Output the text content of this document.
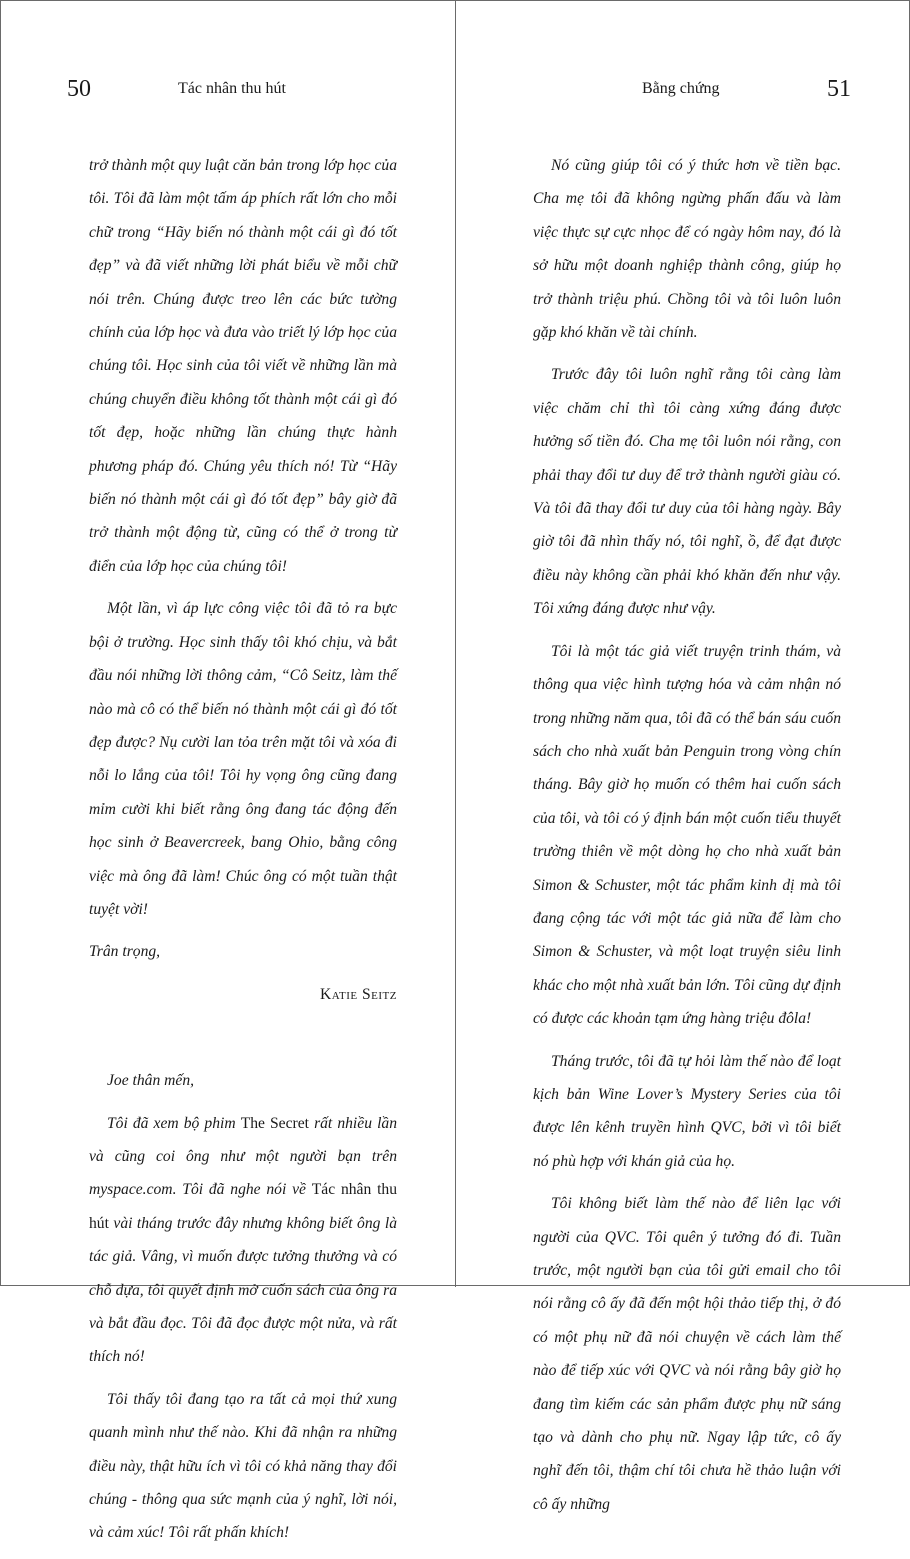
50	Tác nhân thu hút

trở thành một quy luật căn bản trong lớp học của tôi. Tôi đã làm một tấm áp phích rất lớn cho mỗi chữ trong “Hãy biến nó thành một cái gì đó tốt đẹp” và đã viết những lời phát biểu về mỗi chữ nói trên. Chúng được treo lên các bức tường chính của lớp học và đưa vào triết lý lớp học của chúng tôi. Học sinh của tôi viết về những lần mà chúng chuyển điều không tốt thành một cái gì đó tốt đẹp, hoặc những lần chúng thực hành phương pháp đó. Chúng yêu thích nó! Từ “Hãy biến nó thành một cái gì đó tốt đẹp” bây giờ đã trở thành một động từ, cũng có thể ở trong từ điển của lớp học của chúng tôi!

Một lần, vì áp lực công việc tôi đã tỏ ra bực bội ở trường. Học sinh thấy tôi khó chịu, và bắt đầu nói những lời thông cảm, “Cô Seitz, làm thế nào mà cô có thể biến nó thành một cái gì đó tốt đẹp được? Nụ cười lan tỏa trên mặt tôi và xóa đi nỗi lo lắng của tôi! Tôi hy vọng ông cũng đang mỉm cười khi biết rằng ông đang tác động đến học sinh ở Beavercreek, bang Ohio, bằng công việc mà ông đã làm! Chúc ông có một tuần thật tuyệt vời!

Trân trọng,

Katie Seitz

Joe thân mến,

Tôi đã xem bộ phim The Secret rất nhiều lần và cũng coi ông như một người bạn trên myspace.com. Tôi đã nghe nói về Tác nhân thu hút vài tháng trước đây nhưng không biết ông là tác giả. Vâng, vì muốn được tưởng thưởng và có chỗ dựa, tôi quyết định mở cuốn sách của ông ra và bắt đầu đọc. Tôi đã đọc được một nửa, và rất thích nó!

Tôi thấy tôi đang tạo ra tất cả mọi thứ xung quanh mình như thế nào. Khi đã nhận ra những điều này, thật hữu ích vì tôi có khả năng thay đổi chúng - thông qua sức mạnh của ý nghĩ, lời nói, và cảm xúc! Tôi rất phấn khích!

Bằng chứng	51

Nó cũng giúp tôi có ý thức hơn về tiền bạc. Cha mẹ tôi đã không ngừng phấn đấu và làm việc thực sự cực nhọc để có ngày hôm nay, đó là sở hữu một doanh nghiệp thành công, giúp họ trở thành triệu phú. Chồng tôi và tôi luôn luôn gặp khó khăn về tài chính.

Trước đây tôi luôn nghĩ rằng tôi càng làm việc chăm chỉ thì tôi càng xứng đáng được hưởng số tiền đó. Cha mẹ tôi luôn nói rằng, con phải thay đổi tư duy để trở thành người giàu có. Và tôi đã thay đổi tư duy của tôi hàng ngày. Bây giờ tôi đã nhìn thấy nó, tôi nghĩ, ồ, để đạt được điều này không cần phải khó khăn đến như vậy. Tôi xứng đáng được như vậy.

Tôi là một tác giả viết truyện trinh thám, và thông qua việc hình tượng hóa và cảm nhận nó trong những năm qua, tôi đã có thể bán sáu cuốn sách cho nhà xuất bản Penguin trong vòng chín tháng. Bây giờ họ muốn có thêm hai cuốn sách của tôi, và tôi có ý định bán một cuốn tiểu thuyết trường thiên về một dòng họ cho nhà xuất bản Simon & Schuster, một tác phẩm kinh dị mà tôi đang cộng tác với một tác giả nữa để làm cho Simon & Schuster, và một loạt truyện siêu linh khác cho một nhà xuất bản lớn. Tôi cũng dự định có được các khoản tạm ứng hàng triệu đôla!

Tháng trước, tôi đã tự hỏi làm thế nào để loạt kịch bản Wine Lover’s Mystery Series của tôi được lên kênh truyền hình QVC, bởi vì tôi biết nó phù hợp với khán giả của họ.

Tôi không biết làm thế nào để liên lạc với người của QVC. Tôi quên ý tưởng đó đi. Tuần trước, một người bạn của tôi gửi email cho tôi nói rằng cô ấy đã đến một hội thảo tiếp thị, ở đó có một phụ nữ đã nói chuyện về cách làm thế nào để tiếp xúc với QVC và nói rằng bây giờ họ đang tìm kiếm các sản phẩm được phụ nữ sáng tạo và dành cho phụ nữ. Ngay lập tức, cô ấy nghĩ đến tôi, thậm chí tôi chưa hề thảo luận với cô ấy những
